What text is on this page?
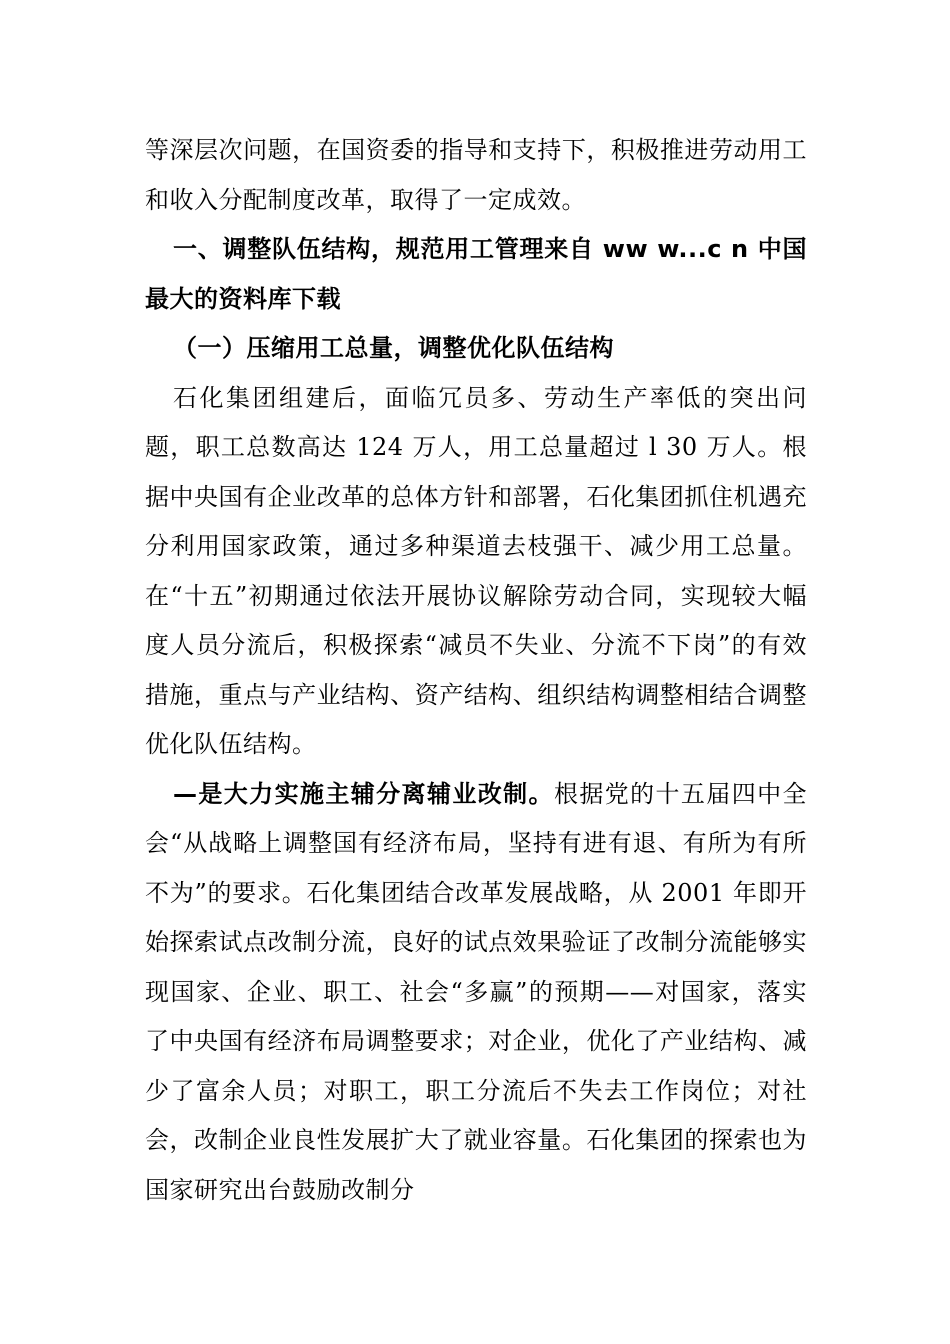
等深层次问题，在国资委的指导和支持下，积极推进劳动用工和收入分配制度改革，取得了一定成效。

一、调整队伍结构，规范用工管理来自 ww w...c n 中国最大的资料库下载

（一）压缩用工总量，调整优化队伍结构

石化集团组建后，面临冗员多、劳动生产率低的突出问题，职工总数高达 124 万人，用工总量超过 l 30 万人。根据中央国有企业改革的总体方针和部署，石化集团抓住机遇充分利用国家政策，通过多种渠道去枝强干、减少用工总量。在“十五”初期通过依法开展协议解除劳动合同，实现较大幅度人员分流后，积极探索“减员不失业、分流不下岗”的有效措施，重点与产业结构、资产结构、组织结构调整相结合调整优化队伍结构。

—是大力实施主辅分离辅业改制。根据党的十五届四中全会“从战略上调整国有经济布局，坚持有进有退、有所为有所不为”的要求。石化集团结合改革发展战略，从 2001 年即开始探索试点改制分流，良好的试点效果验证了改制分流能够实现国家、企业、职工、社会“多赢”的预期——对国家，落实了中央国有经济布局调整要求；对企业，优化了产业结构、减少了富余人员；对职工，职工分流后不失去工作岗位；对社会，改制企业良性发展扩大了就业容量。石化集团的探索也为国家研究出台鼓励改制分
